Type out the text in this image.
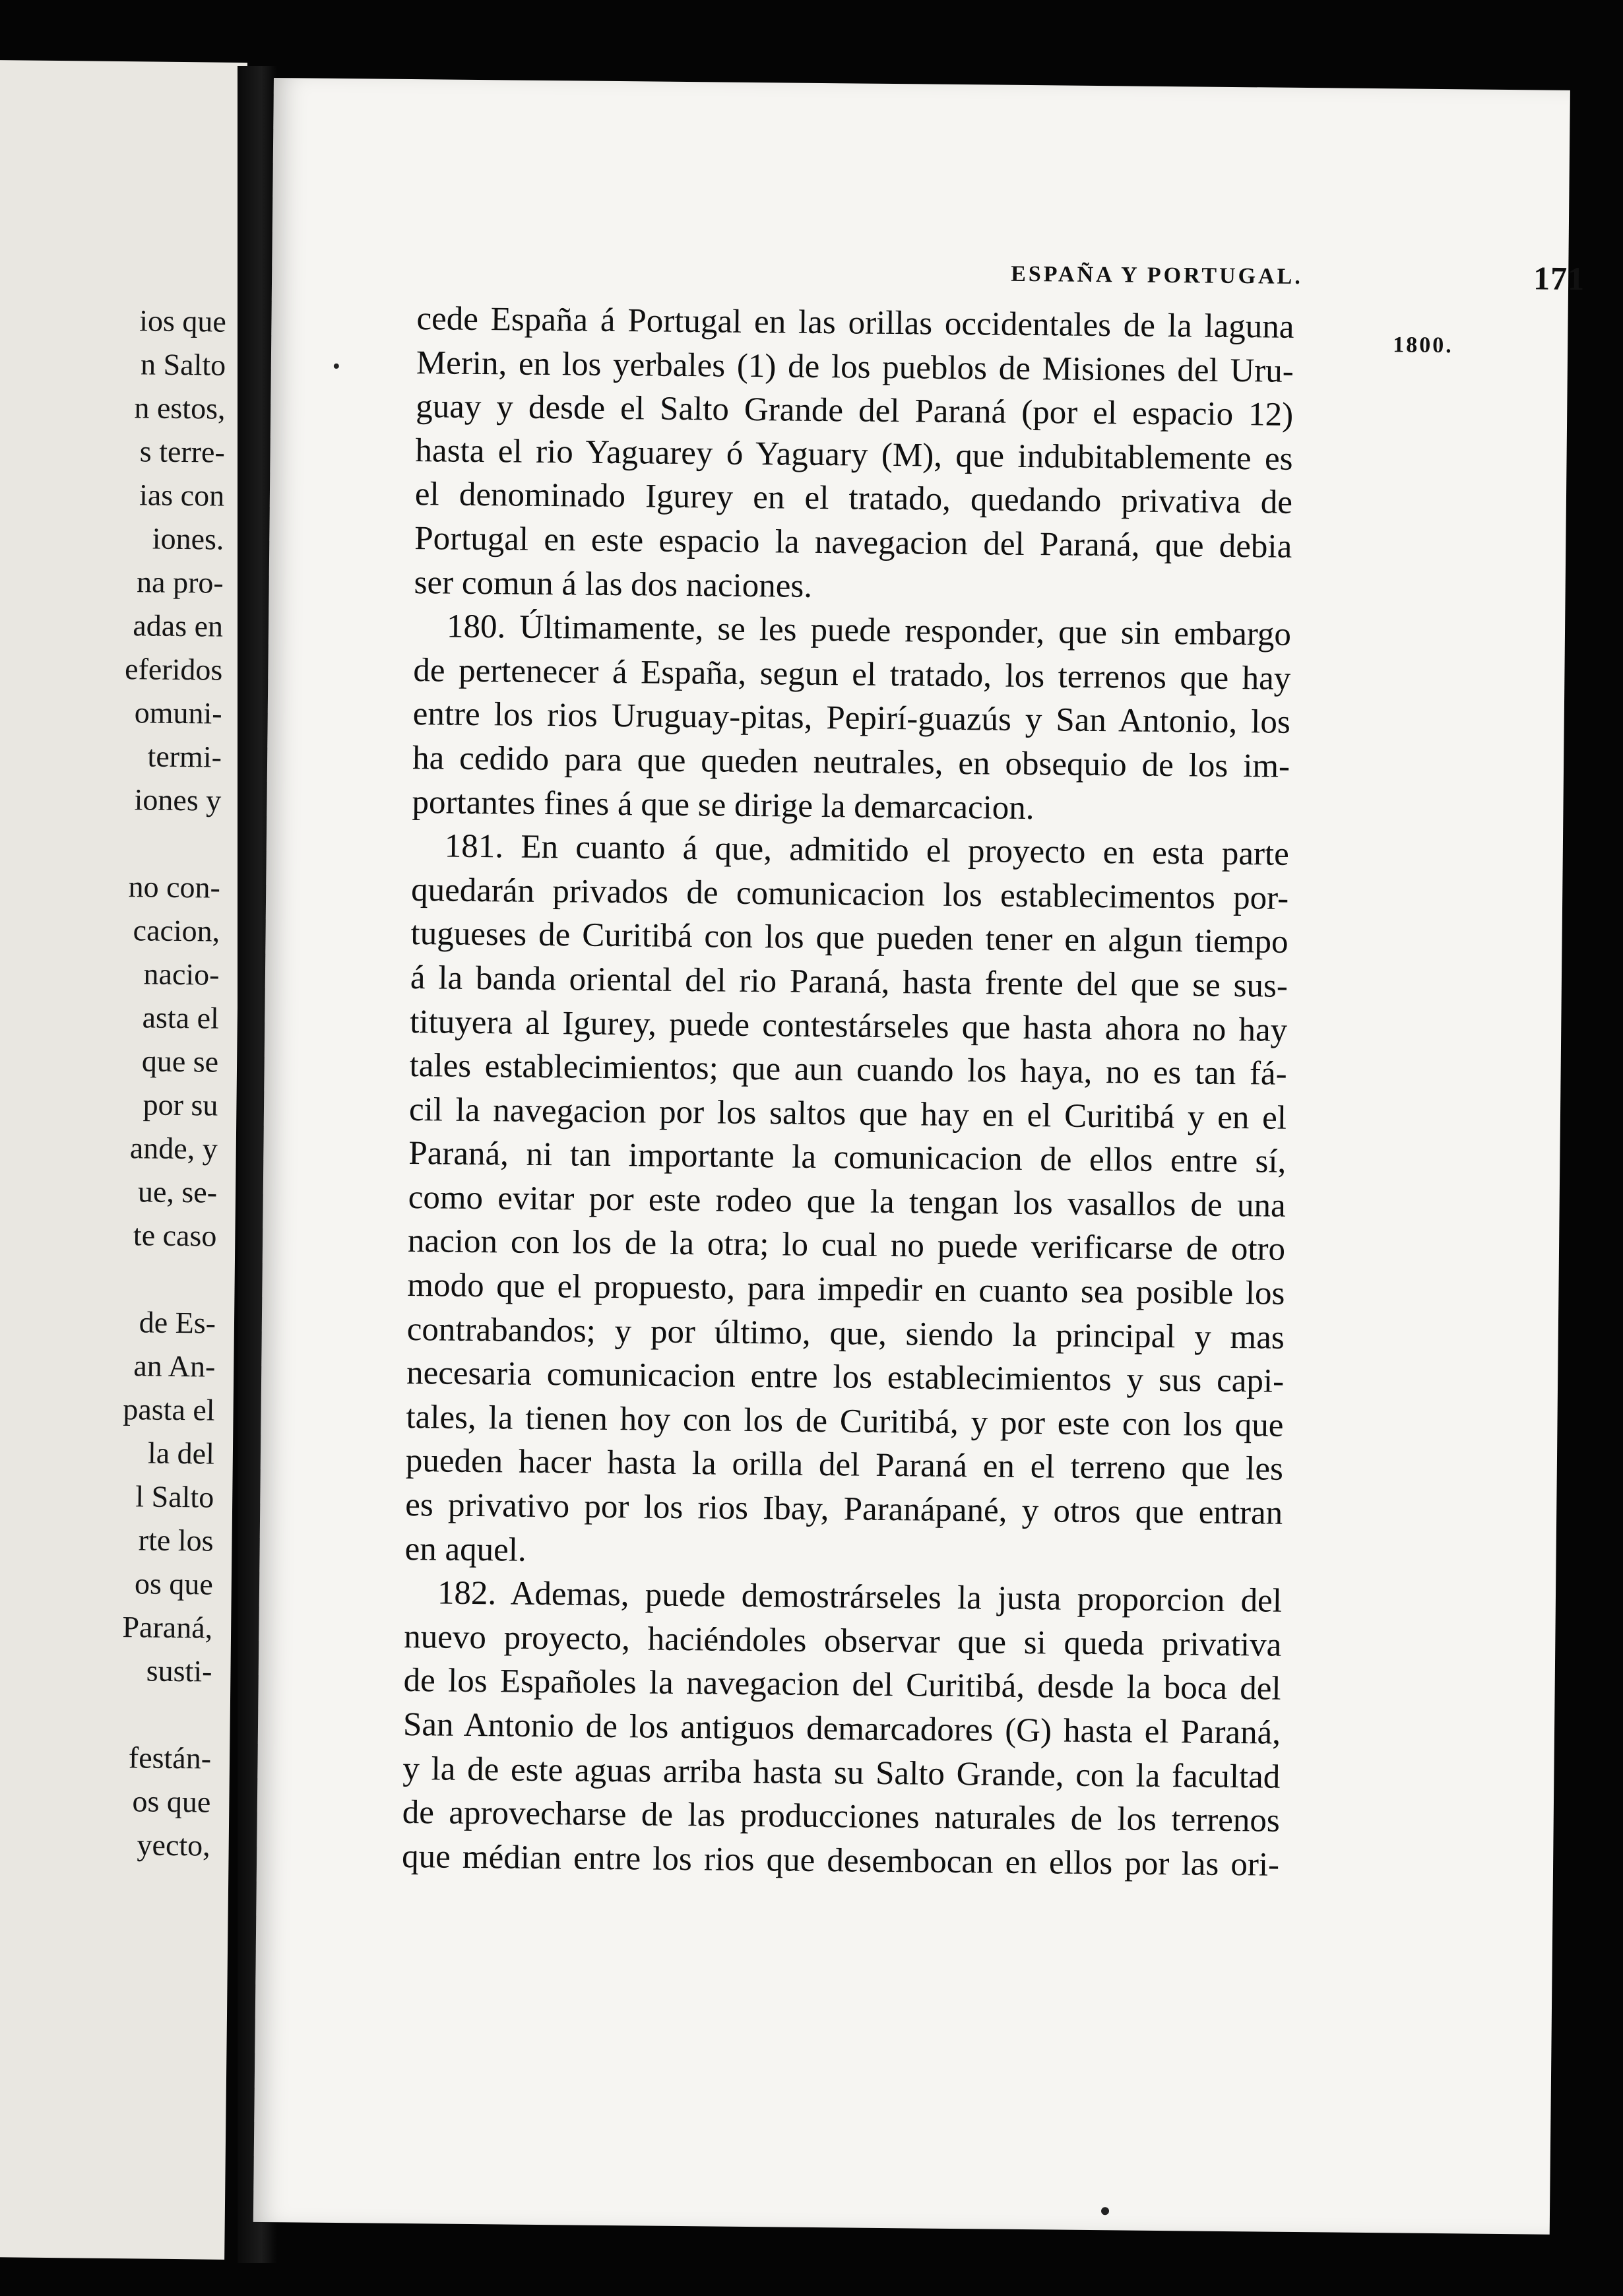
ios que
n Salto
n estos,
s terre-
ias con
iones.
na pro-
adas en
eferidos
omuni-
termi-
iones y
no con-
cacion,
nacio-
asta el
que se
por su
ande, y
ue, se-
te caso
de Es-
an An-
pasta el
la del
l Salto
rte los
os que
Paraná,
susti-
festán-
os que
yecto,
ESPAÑA Y PORTUGAL.	171
1800.
cede España á Portugal en las orillas occidentales de la laguna
Merin, en los yerbales (1) de los pueblos de Misiones del Uru-
guay y desde el Salto Grande del Paraná (por el espacio 12)
hasta el rio Yaguarey ó Yaguary (M), que indubitablemente es
el denominado Igurey en el tratado, quedando privativa de
Portugal en este espacio la navegacion del Paraná, que debia
ser comun á las dos naciones.
180. Últimamente, se les puede responder, que sin embargo
de pertenecer á España, segun el tratado, los terrenos que hay
entre los rios Uruguay-pitas, Pepirí-guazús y San Antonio, los
ha cedido para que queden neutrales, en obsequio de los im-
portantes fines á que se dirige la demarcacion.
181. En cuanto á que, admitido el proyecto en esta parte
quedarán privados de comunicacion los establecimentos por-
tugueses de Curitibá con los que pueden tener en algun tiempo
á la banda oriental del rio Paraná, hasta frente del que se sus-
tituyera al Igurey, puede contestárseles que hasta ahora no hay
tales establecimientos; que aun cuando los haya, no es tan fá-
cil la navegacion por los saltos que hay en el Curitibá y en el
Paraná, ni tan importante la comunicacion de ellos entre sí,
como evitar por este rodeo que la tengan los vasallos de una
nacion con los de la otra; lo cual no puede verificarse de otro
modo que el propuesto, para impedir en cuanto sea posible los
contrabandos; y por último, que, siendo la principal y mas
necesaria comunicacion entre los establecimientos y sus capi-
tales, la tienen hoy con los de Curitibá, y por este con los que
pueden hacer hasta la orilla del Paraná en el terreno que les
es privativo por los rios Ibay, Paranápané, y otros que entran
en aquel.
182. Ademas, puede demostrárseles la justa proporcion del
nuevo proyecto, haciéndoles observar que si queda privativa
de los Españoles la navegacion del Curitibá, desde la boca del
San Antonio de los antiguos demarcadores (G) hasta el Paraná,
y la de este aguas arriba hasta su Salto Grande, con la facultad
de aprovecharse de las producciones naturales de los terrenos
que médian entre los rios que desembocan en ellos por las ori-
